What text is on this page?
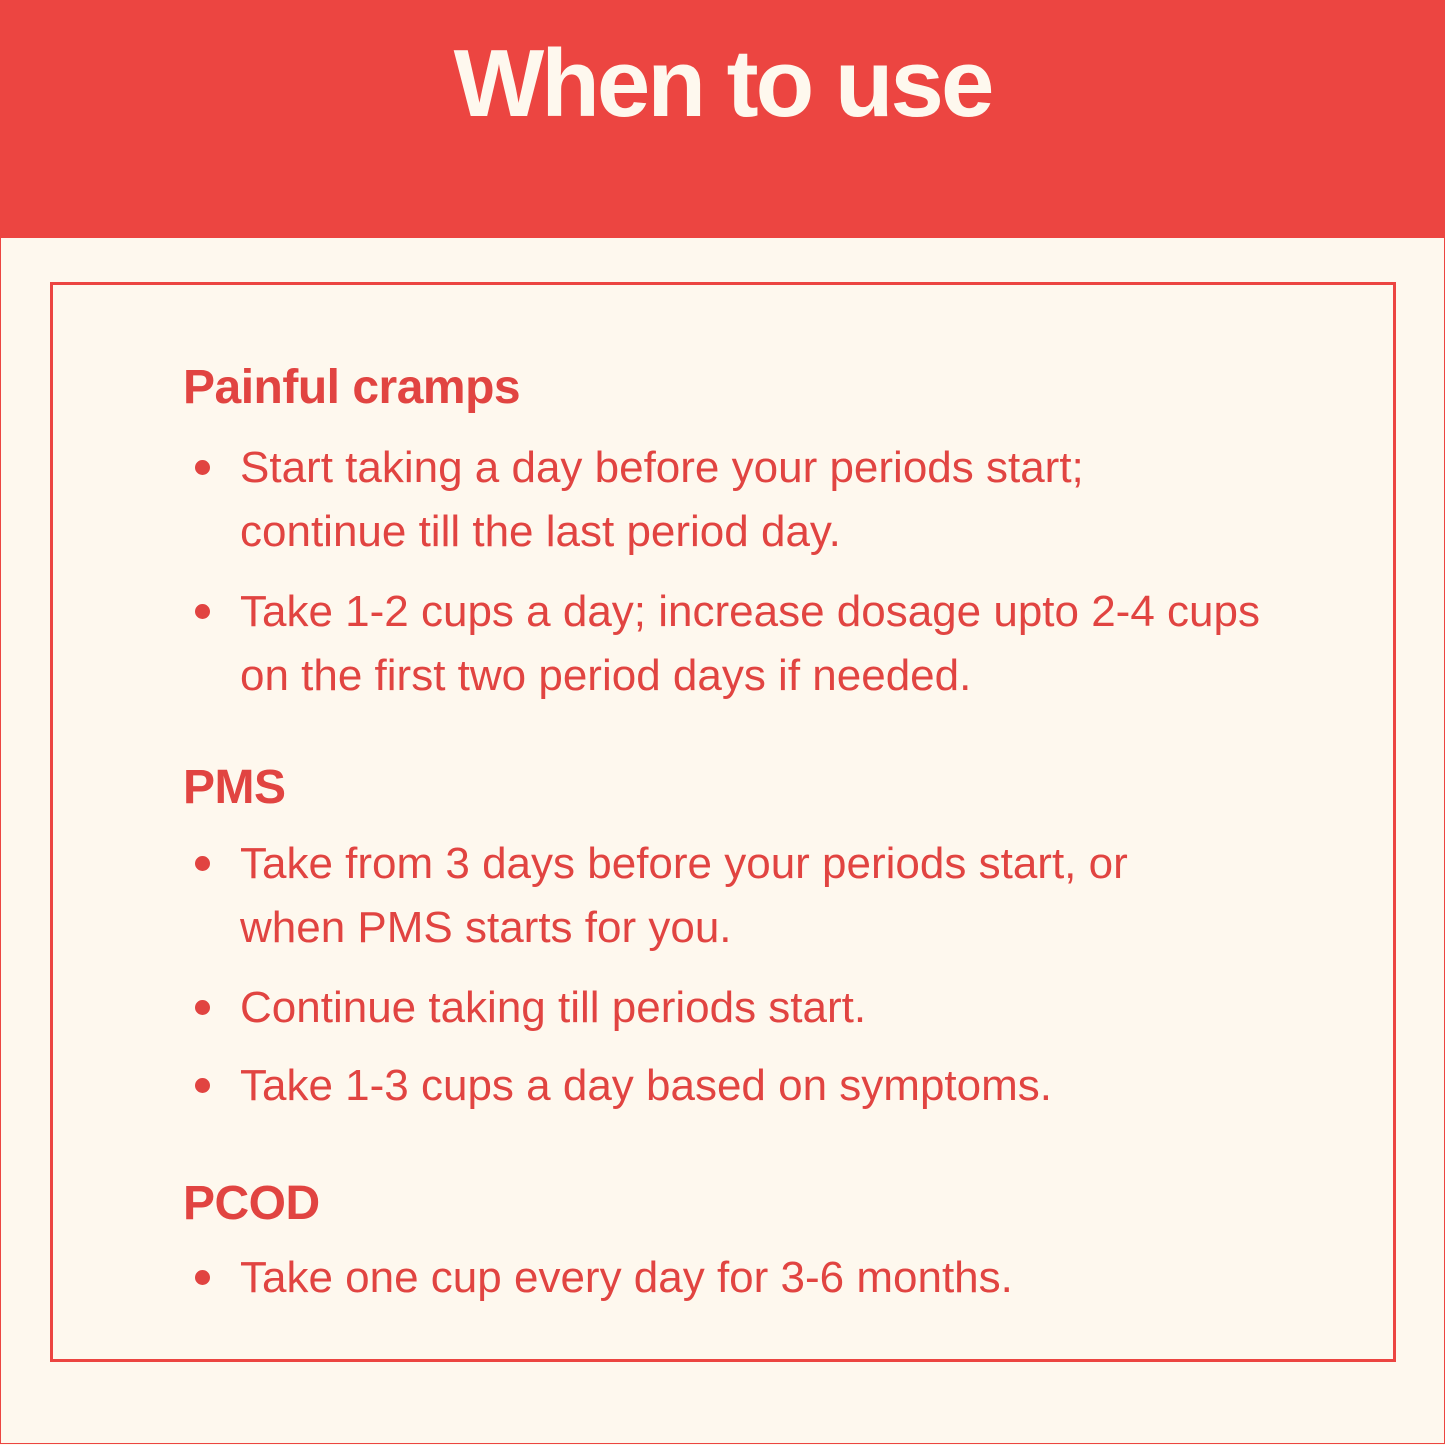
When to use
Painful cramps
Start taking a day before your periods start; continue till the last period day.
Take 1-2 cups a day; increase dosage upto 2-4 cups on the first two period days if needed.
PMS
Take from 3 days before your periods start, or when PMS starts for you.
Continue taking till periods start.
Take 1-3 cups a day based on symptoms.
PCOD
Take one cup every day for 3-6 months.
